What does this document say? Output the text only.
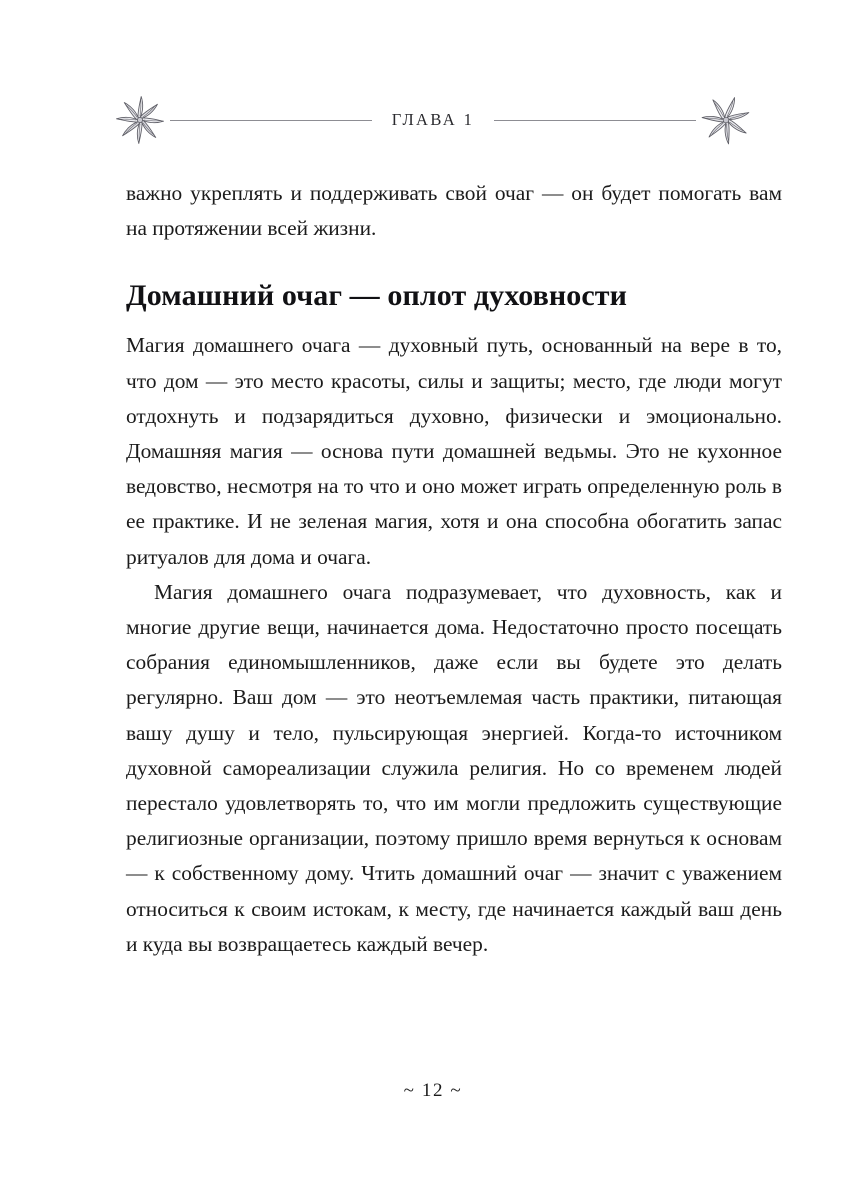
ГЛАВА 1

важно укреплять и поддерживать свой очаг — он будет помогать вам на протяжении всей жизни.

Домашний очаг — оплот духовности

Магия домашнего очага — духовный путь, основанный на вере в то, что дом — это место красоты, силы и защиты; место, где люди могут отдохнуть и подзарядиться духовно, физически и эмоционально. Домашняя магия — основа пути домашней ведьмы. Это не кухонное ведовство, несмотря на то что и оно может играть определенную роль в ее практике. И не зеленая магия, хотя и она способна обогатить запас ритуалов для дома и очага.

Магия домашнего очага подразумевает, что духовность, как и многие другие вещи, начинается дома. Недостаточно просто посещать собрания единомышленников, даже если вы будете это делать регулярно. Ваш дом — это неотъемлемая часть практики, питающая вашу душу и тело, пульсирующая энергией. Когда-то источником духовной самореализации служила религия. Но со временем людей перестало удовлетворять то, что им могли предложить существующие религиозные организации, поэтому пришло время вернуться к основам — к собственному дому. Чтить домашний очаг — значит с уважением относиться к своим истокам, к месту, где начинается каждый ваш день и куда вы возвращаетесь каждый вечер.

~ 12 ~
